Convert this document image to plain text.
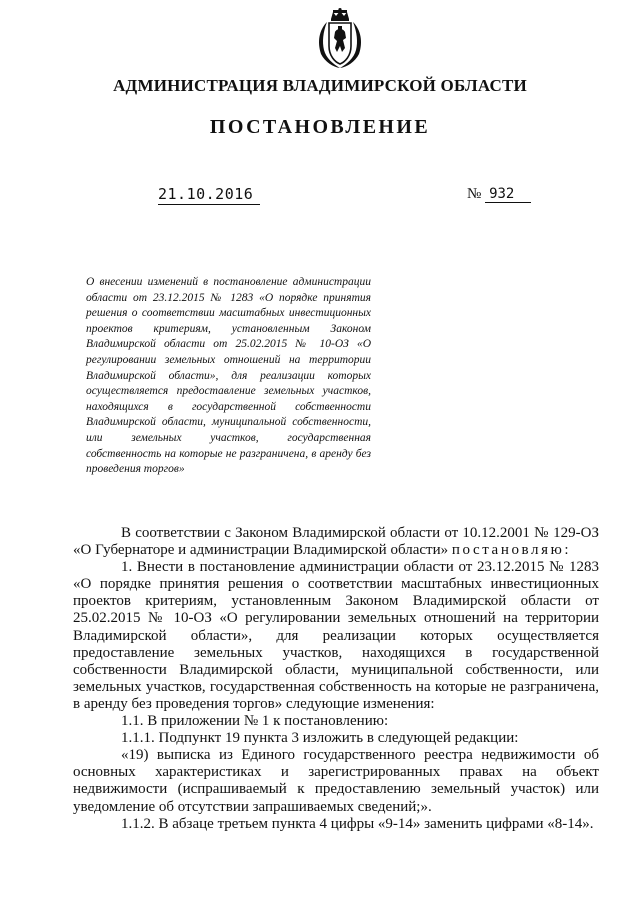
АДМИНИСТРАЦИЯ ВЛАДИМИРСКОЙ ОБЛАСТИ
ПОСТАНОВЛЕНИЕ
21.10.2016	№ 932
О внесении изменений в постановление администрации области от 23.12.2015 № 1283 «О порядке принятия решения о соответствии масштабных инвестиционных проектов критериям, установленным Законом Владимирской области от 25.02.2015 № 10-ОЗ «О регулировании земельных отношений на территории Владимирской области», для реализации которых осуществляется предоставление земельных участков, находящихся в государственной собственности Владимирской области, муниципальной собственности, или земельных участков, государственная собственность на которые не разграничена, в аренду без проведения торгов»

В соответствии с Законом Владимирской области от 10.12.2001 № 129-ОЗ «О Губернаторе и администрации Владимирской области» постановляю:

1. Внести в постановление администрации области от 23.12.2015 № 1283 «О порядке принятия решения о соответствии масштабных инвестиционных проектов критериям, установленным Законом Владимирской области от 25.02.2015 № 10-ОЗ «О регулировании земельных отношений на территории Владимирской области», для реализации которых осуществляется предоставление земельных участков, находящихся в государственной собственности Владимирской области, муниципальной собственности, или земельных участков, государственная собственность на которые не разграничена, в аренду без проведения торгов» следующие изменения:

1.1. В приложении № 1 к постановлению:

1.1.1. Подпункт 19 пункта 3 изложить в следующей редакции:

«19) выписка из Единого государственного реестра недвижимости об основных характеристиках и зарегистрированных правах на объект недвижимости (испрашиваемый к предоставлению земельный участок) или уведомление об отсутствии запрашиваемых сведений;».

1.1.2. В абзаце третьем пункта 4 цифры «9-14» заменить цифрами «8-14».
